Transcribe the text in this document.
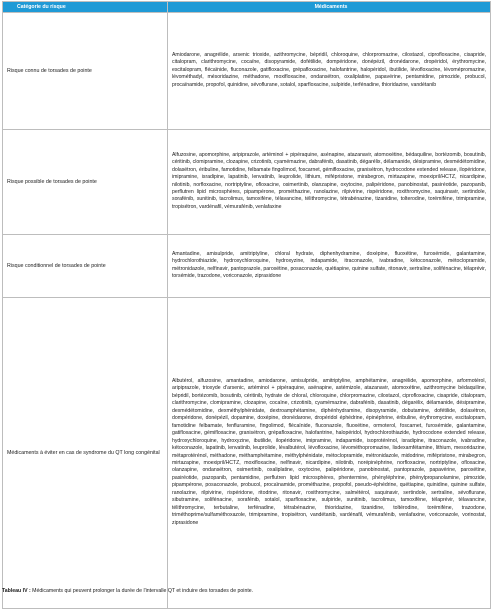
Catégorie du risque	Médicaments
Risque connu de torsades de pointe	Amiodarone, anagrélide, arsenic trioxide, azithromycine, bépridil, chloroquine, chlorpromazine, cilostazol, ciprofloxacine, cisapride, citalopram, clarithromycine, cocaïne, disopyramide, dofétilide, dompéridone, donépézil, dronédarone, dropéridol, érythromycine, escitalopram, flécaïnide, fluconazole, gatifloxacine, grépafloxacine, halofantrine, halopéridol, ibutilide, lévofloxacine, lévomépromazine, lévométhadyl, mésoridazine, méthadone, moxifloxacine, ondansétron, oxaliplatine, papavérine, pentamidine, pimozide, probucol, procaïnamide, propofol, quinidine, sévoflurane, sotalol, sparfloxacine, sulpiride, terfénadine, thioridazine, vandétanib
Risque possible de torsades de pointe	Alfuzosine, apomorphine, aripiprazole, artéminol + pipéraquine, asénapine, atazanavir, atomoxétine, bédaquiline, bortézomib, bosutinib, céritinib, clomipramine, clozapine, crizotinib, cyamémazine, dabrafénib, dasatinib, dégarélix, délamanide, désipramine, dexmédétomidine, dolasétron, éribuline, famotidine, felbamate fingolimod, foscarnet, gémifloxacine, granisétron, hydrocodone extended release, ilopéridone, imipramine, isradipine, lapatinib, lenvatinib, leuprolide, lithium, mifépristone, mirabegron, mirtazapine, moexipril/HCTZ, nicardipine, nilotinib, norfloxacine, nortriptyline, ofloxacine, osimertinib, olanzapine, oxytocine, palipéridone, panobinostat, pasiréotide, pazopanib, perflutren lipid microsphères, pipampérone, prométhazine, ranolazine, rilpivirine, rispéridone, roxithromycine, saquinavir, sertindole, sorafénib, sunitinib, tacrolimus, tamoxifène, télavancine, télithromycine, tétrabénazine, tizanidine, tolterodine, torémifène, trimipramine, tropisétron, vardénafil, vémurafénib, venlafaxine
Risque conditionnel de torsades de pointe	Amantadine, amisulpride, amitriptyline, chloral hydrate, diphenhydramine, doxépine, fluoxétine, furosémide, galantamine, hydrochlorothiazide, hydroxychloroquine, hydroxyzine, indapamide, itraconazole, ivabradine, kétoconazole, métoclopramide, métronidazole, nelfinavir, pantoprazole, paroxétine, posaconazole, quétiapine, quinine sulfate, ritonavir, sertraline, solifénacine, télaprévir, torsémide, trazodone, voriconazole, ziprasidone
Médicaments à éviter en cas de syndrome du QT long congénital	Albutérol, alfuzosine, amantadine, amiodarone, amisulpride, amitriptyline, amphétamine, anagrélide, apomorphine, arformotérol, aripiprazole, trioxyde d'arsenic, artéminol + pipéraquine, asénapine, astémizole, atazanavir, atomoxétine, azithromycine bédaquiline, bépridil, bortézomib, bosutinib, céritinib, hydrate de chloral, chloroquine, chlorpromazine, cilostazol, ciprofloxacine, cisapride, citalopram, clarithromycine, clomipramine, clozapine, cocaïne, crizotinib, cyamémazine, dabrafénib, dasatinib, dégarélix, délamanide, désipramine, dexmédétomidine, dexméthylphénidate, dextroamphétamine, diphénhydramine, disopyramide, dobutamine, dofétilide, dolasétron, dompéridone, donépézil, dopamine, doxépine, dronédarone, dropéridol éphédrine, épinéphrine, éribuline, érythromycine, escitalopram, famotidine felbamate, fenfluramine, fingolimod, flécaïnide, fluconazole, fluoxétine, ormoterol, foscarnet, furosémide, galantamine, gatifloxacine, gémifloxacine, granisétron, grépafloxacine, halofantrine, halopéridol, hydrochlorothiazide, hydrocodone extended release, hydroxychloroquine, hydroxyzine, ibutilide, ilopéridone, imipramine, indapamide, isoprotérénol, isradipine, itraconazole, ivabradine, kétoconazole, lapatinib, lenvatinib, leuprolide, lévalbutérol, lévofloxacine, lévométhopromazine, lisdexamfétamine, lithium, mesoridazine, métaprotérénol, méthadone, méthamphétamine, méthylphénidate, métoclopramide, métronidazole, midodrine, mifépristone, mirabegron, mirtazapine, moexipril/HCTZ, moxifloxacine, nelfinavir, nicardipine, nilotinib, norépinéphrine, norfloxacine, nortriptyline, ofloxacine, olanzapine, ondansétron, osimertinib, oxaliplatine, oxytocine, palipéridone, panobinostat, pantoprazole, papavérine, paroxétine, pasiréotide, pazopanib, pentamidine, perflutren lipid microsphères, phentermine, phényléphrine, phénylpropanolamine, pimozide, pipampérone, posaconazole, probucol, procaïnamide, prométhazine, propofol, pseudo-éphédrine, quétiapine, quinidine, quinine sulfate, ranolazine, rilpivirine, rispéridone, ritodrine, ritonavir, roxithromycine, salmétérol, saquinavir, sertindole, sertraline, sévoflurane, sibutramine, solifénacine, sorafénib, sotalol, sparfloxacine, sulpiride, sunitinib, tacrolimus, tamoxifène, télaprévir, télavancine, télithromycine, terbutaline, terfénadine, tétrabénazine, thioridazine, tizanidine, toltérodine, torémifène, trazodone, triméthoprime/sulfaméthoxazole, trimipramine, tropisétron, vandétanib, vardénafil, vémurafénib, venlafaxine, voriconazole, vorinostat, ziprasidone
Tableau IV : Médicaments qui peuvent prolonger la durée de l'intervalle QT et induire des torsades de pointe.
